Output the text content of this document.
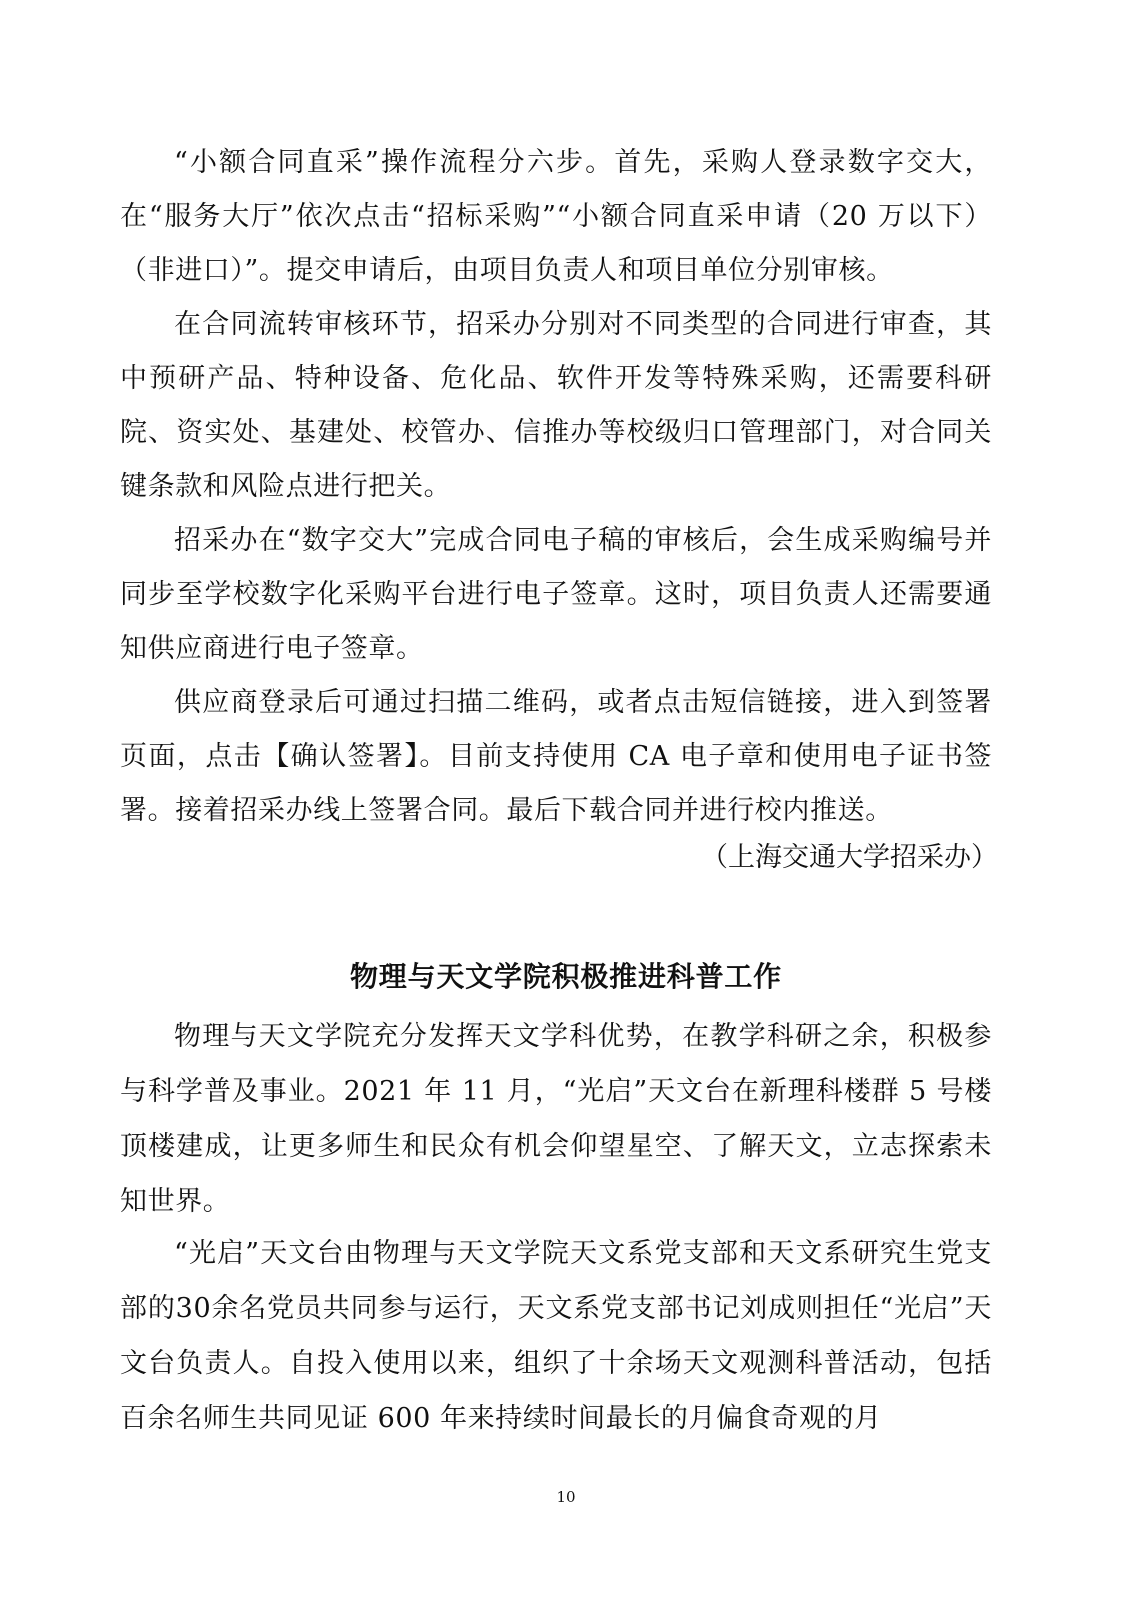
“小额合同直采”操作流程分六步。首先，采购人登录数字交大，在“服务大厅”依次点击“招标采购”“小额合同直采申请（20 万以下）（非进口）”。提交申请后，由项目负责人和项目单位分别审核。

在合同流转审核环节，招采办分别对不同类型的合同进行审查，其中预研产品、特种设备、危化品、软件开发等特殊采购，还需要科研院、资实处、基建处、校管办、信推办等校级归口管理部门，对合同关键条款和风险点进行把关。

招采办在“数字交大”完成合同电子稿的审核后，会生成采购编号并同步至学校数字化采购平台进行电子签章。这时，项目负责人还需要通知供应商进行电子签章。

供应商登录后可通过扫描二维码，或者点击短信链接，进入到签署页面，点击【确认签署】。目前支持使用 CA 电子章和使用电子证书签署。接着招采办线上签署合同。最后下载合同并进行校内推送。

（上海交通大学招采办）

物理与天文学院积极推进科普工作

物理与天文学院充分发挥天文学科优势，在教学科研之余，积极参与科学普及事业。2021 年 11 月，“光启”天文台在新理科楼群 5 号楼顶楼建成，让更多师生和民众有机会仰望星空、了解天文，立志探索未知世界。

“光启”天文台由物理与天文学院天文系党支部和天文系研究生党支部的30余名党员共同参与运行，天文系党支部书记刘成则担任“光启”天文台负责人。自投入使用以来，组织了十余场天文观测科普活动，包括百余名师生共同见证 600 年来持续时间最长的月偏食奇观的月

10
